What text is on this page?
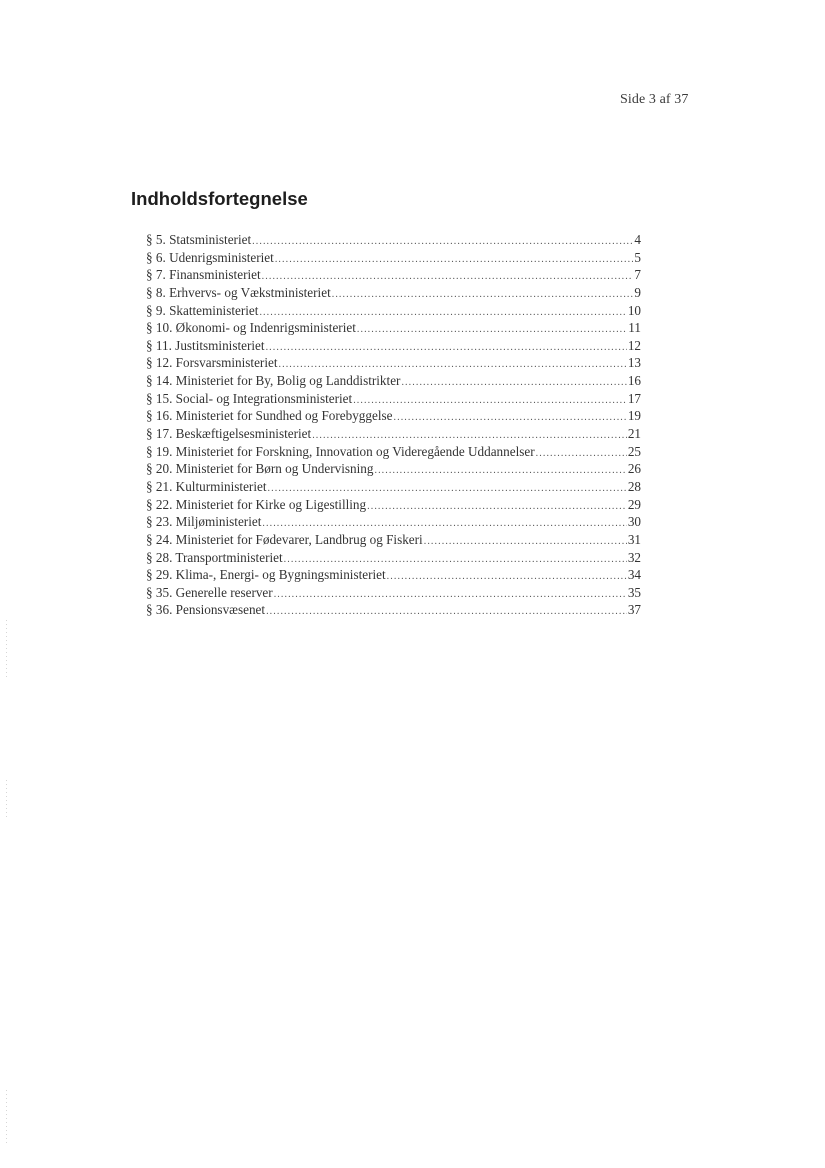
Side 3 af 37
Indholdsfortegnelse
§ 5. Statsministeriet .....	4
§ 6. Udenrigsministeriet .....	5
§ 7. Finansministeriet .....	7
§ 8. Erhvervs- og Vækstministeriet .....	9
§ 9. Skatteministeriet .....	10
§ 10. Økonomi- og Indenrigsministeriet .....	11
§ 11. Justitsministeriet .....	12
§ 12. Forsvarsministeriet .....	13
§ 14. Ministeriet for By, Bolig og Landdistrikter .....	16
§ 15. Social- og Integrationsministeriet .....	17
§ 16. Ministeriet for Sundhed og Forebyggelse .....	19
§ 17. Beskæftigelsesministeriet .....	21
§ 19. Ministeriet for Forskning, Innovation og Videregående Uddannelser .....	25
§ 20. Ministeriet for Børn og Undervisning .....	26
§ 21. Kulturministeriet .....	28
§ 22. Ministeriet for Kirke og Ligestilling .....	29
§ 23. Miljøministeriet .....	30
§ 24. Ministeriet for Fødevarer, Landbrug og Fiskeri .....	31
§ 28. Transportministeriet .....	32
§ 29. Klima-, Energi- og Bygningsministeriet .....	34
§ 35. Generelle reserver .....	35
§ 36. Pensionsvæsenet .....	37
